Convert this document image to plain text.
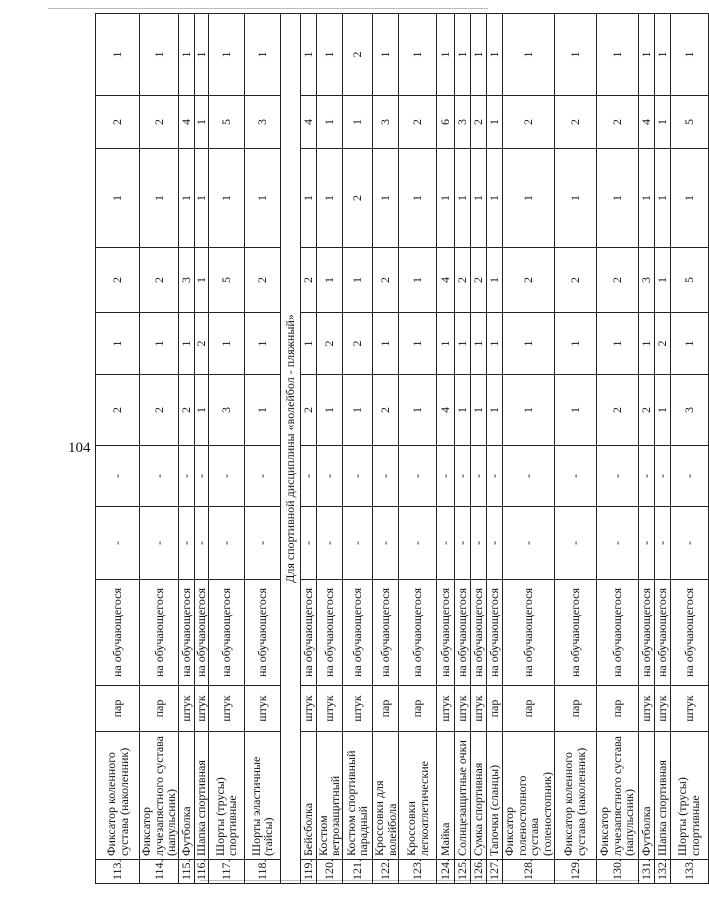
104
113.	Фиксатор коленного сустава (наколенник)	пар	на обучающегося	-	-	2	1	2	1	2	1
114.	Фиксатор лучезапястного сустава (напульсник)	пар	на обучающегося	-	-	2	1	2	1	2	1
115.	Футболка	штук	на обучающегося	-	-	2	1	3	1	4	1
116.	Шапка спортивная	штук	на обучающегося	-	-	1	2	1	1	1	1
117.	Шорты (трусы) спортивные	штук	на обучающегося	-	-	3	1	5	1	5	1
118.	Шорты эластичные (тайсы)	штук	на обучающегося	-	-	1	1	2	1	3	1
Для спортивной дисциплины «волейбол - пляжный»											
119.	Бейсболка	штук	на обучающегося	-	-	2	1	2	1	4	1
120.	Костюм ветрозащитный	штук	на обучающегося	-	-	1	2	1	1	1	1
121.	Костюм спортивный парадный	штук	на обучающегося	-	-	1	2	1	2	1	2
122.	Кроссовки для волейбола	пар	на обучающегося	-	-	2	1	2	1	3	1
123.	Кроссовки легкоатлетические	пар	на обучающегося	-	-	1	1	1	1	2	1
124.	Майка	штук	на обучающегося	-	-	4	1	4	1	6	1
125.	Солнцезащитные очки	штук	на обучающегося	-	-	1	1	2	1	3	1
126.	Сумка спортивная	штук	на обучающегося	-	-	1	1	2	1	2	1
127.	Тапочки (сланцы)	пар	на обучающегося	-	-	1	1	1	1	1	1
128.	Фиксатор голеностопного сустава (голеностопник)	пар	на обучающегося	-	-	1	1	2	1	2	1
129.	Фиксатор коленного сустава (наколенник)	пар	на обучающегося	-	-	1	1	2	1	2	1
130.	Фиксатор лучезапястного сустава (напульсник)	пар	на обучающегося	-	-	2	1	2	1	2	1
131.	Футболка	штук	на обучающегося	-	-	2	1	3	1	4	1
132.	Шапка спортивная	штук	на обучающегося	-	-	1	2	1	1	1	1
133.	Шорты (трусы) спортивные	штук	на обучающегося	-	-	3	1	5	1	5	1
